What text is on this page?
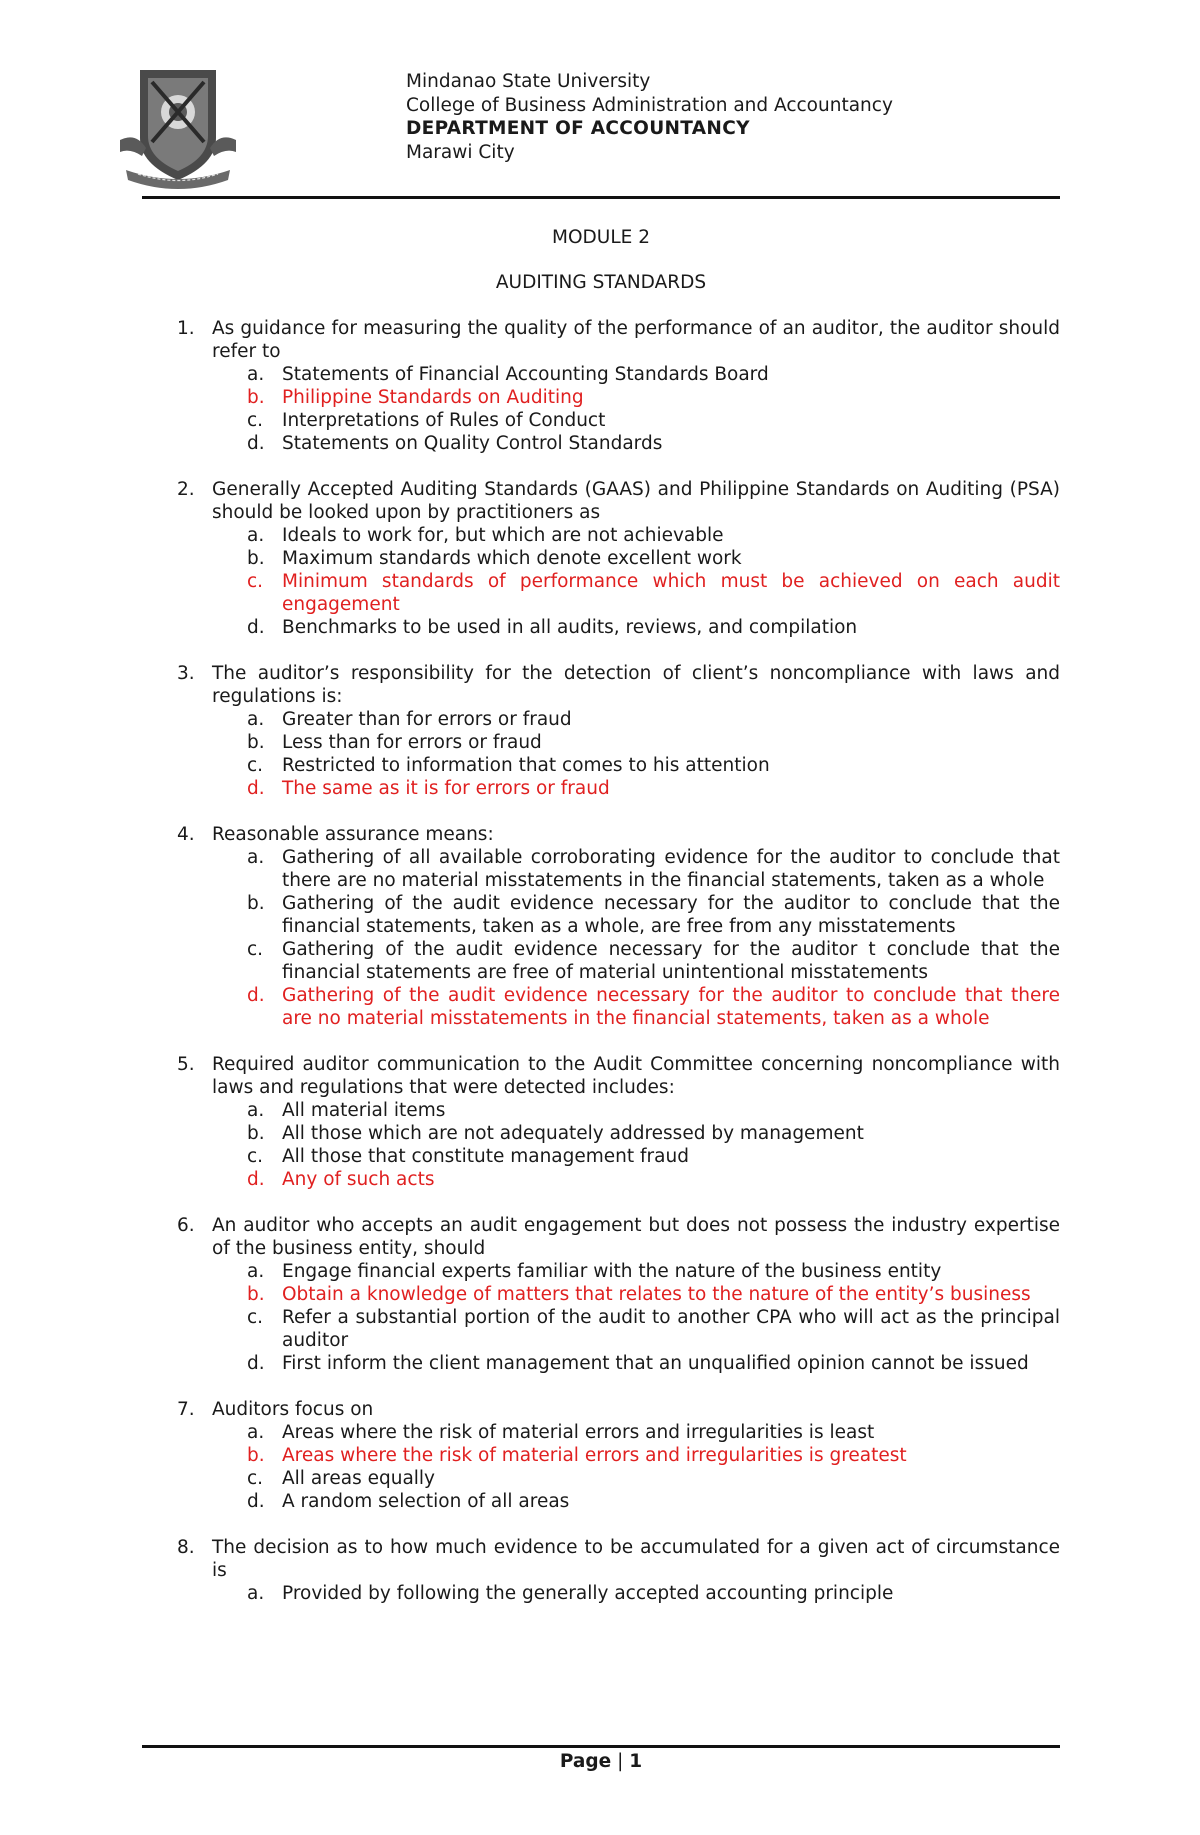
Mindanao State University
College of Business Administration and Accountancy
DEPARTMENT OF ACCOUNTANCY
Marawi City
MODULE 2
AUDITING STANDARDS
1. As guidance for measuring the quality of the performance of an auditor, the auditor should refer to
a. Statements of Financial Accounting Standards Board
b. Philippine Standards on Auditing
c. Interpretations of Rules of Conduct
d. Statements on Quality Control Standards
2. Generally Accepted Auditing Standards (GAAS) and Philippine Standards on Auditing (PSA) should be looked upon by practitioners as
a. Ideals to work for, but which are not achievable
b. Maximum standards which denote excellent work
c. Minimum standards of performance which must be achieved on each audit engagement
d. Benchmarks to be used in all audits, reviews, and compilation
3. The auditor’s responsibility for the detection of client’s noncompliance with laws and regulations is:
a. Greater than for errors or fraud
b. Less than for errors or fraud
c. Restricted to information that comes to his attention
d. The same as it is for errors or fraud
4. Reasonable assurance means:
a. Gathering of all available corroborating evidence for the auditor to conclude that there are no material misstatements in the financial statements, taken as a whole
b. Gathering of the audit evidence necessary for the auditor to conclude that the financial statements, taken as a whole, are free from any misstatements
c. Gathering of the audit evidence necessary for the auditor t conclude that the financial statements are free of material unintentional misstatements
d. Gathering of the audit evidence necessary for the auditor to conclude that there are no material misstatements in the financial statements, taken as a whole
5. Required auditor communication to the Audit Committee concerning noncompliance with laws and regulations that were detected includes:
a. All material items
b. All those which are not adequately addressed by management
c. All those that constitute management fraud
d. Any of such acts
6. An auditor who accepts an audit engagement but does not possess the industry expertise of the business entity, should
a. Engage financial experts familiar with the nature of the business entity
b. Obtain a knowledge of matters that relates to the nature of the entity’s business
c. Refer a substantial portion of the audit to another CPA who will act as the principal auditor
d. First inform the client management that an unqualified opinion cannot be issued
7. Auditors focus on
a. Areas where the risk of material errors and irregularities is least
b. Areas where the risk of material errors and irregularities is greatest
c. All areas equally
d. A random selection of all areas
8. The decision as to how much evidence to be accumulated for a given act of circumstance is
a. Provided by following the generally accepted accounting principle
Page | 1
